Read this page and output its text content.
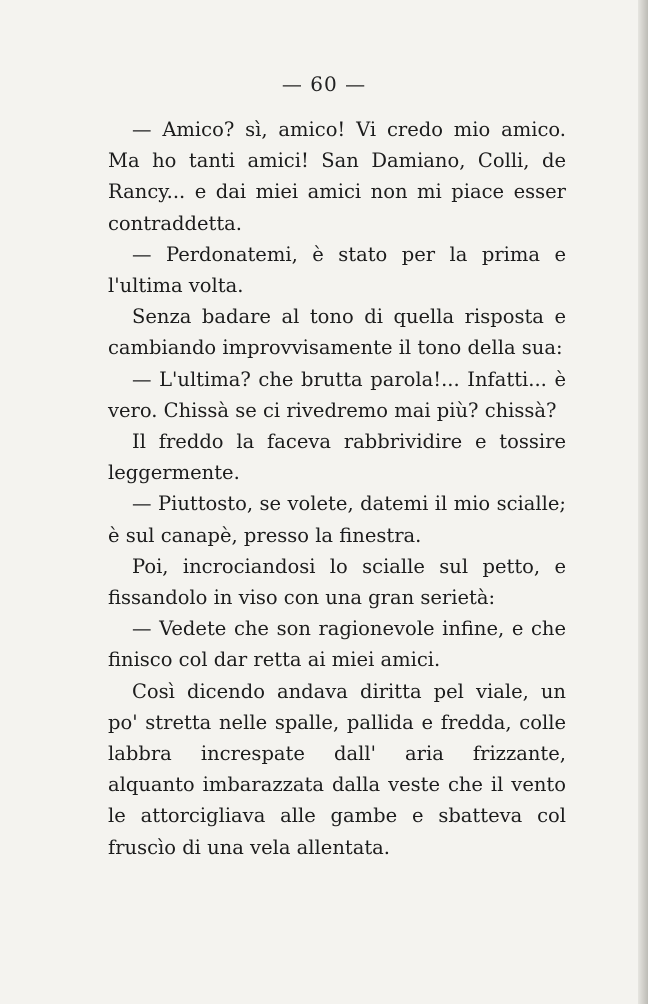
— 60 —

— Amico? sì, amico! Vi credo mio amico. Ma ho tanti amici! San Damiano, Colli, de Rancy... e dai miei amici non mi piace esser contraddetta.

— Perdonatemi, è stato per la prima e l'ultima volta.

Senza badare al tono di quella risposta e cambiando improvvisamente il tono della sua:

— L'ultima? che brutta parola!... Infatti... è vero. Chissà se ci rivedremo mai più? chissà?

Il freddo la faceva rabbrividire e tossire leggermente.

— Piuttosto, se volete, datemi il mio scialle; è sul canapè, presso la finestra.

Poi, incrociandosi lo scialle sul petto, e fissandolo in viso con una gran serietà:

— Vedete che son ragionevole infine, e che finisco col dar retta ai miei amici.

Così dicendo andava diritta pel viale, un po' stretta nelle spalle, pallida e fredda, colle labbra increspate dall' aria frizzante, alquanto imbarazzata dalla veste che il vento le attorcigliava alle gambe e sbatteva col fruscìo di una vela allentata.
